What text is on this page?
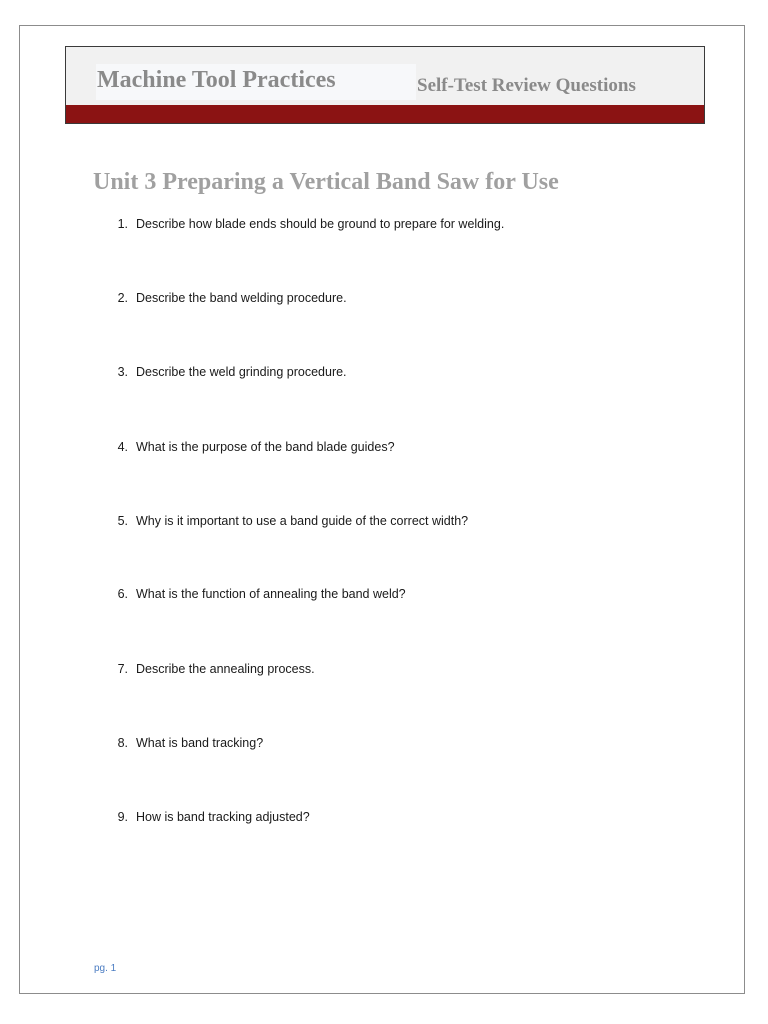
Machine Tool Practices	Self-Test Review Questions
Unit 3 Preparing a Vertical Band Saw for Use
1. Describe how blade ends should be ground to prepare for welding.
2. Describe the band welding procedure.
3. Describe the weld grinding procedure.
4. What is the purpose of the band blade guides?
5. Why is it important to use a band guide of the correct width?
6. What is the function of annealing the band weld?
7. Describe the annealing process.
8. What is band tracking?
9. How is band tracking adjusted?
pg. 1
